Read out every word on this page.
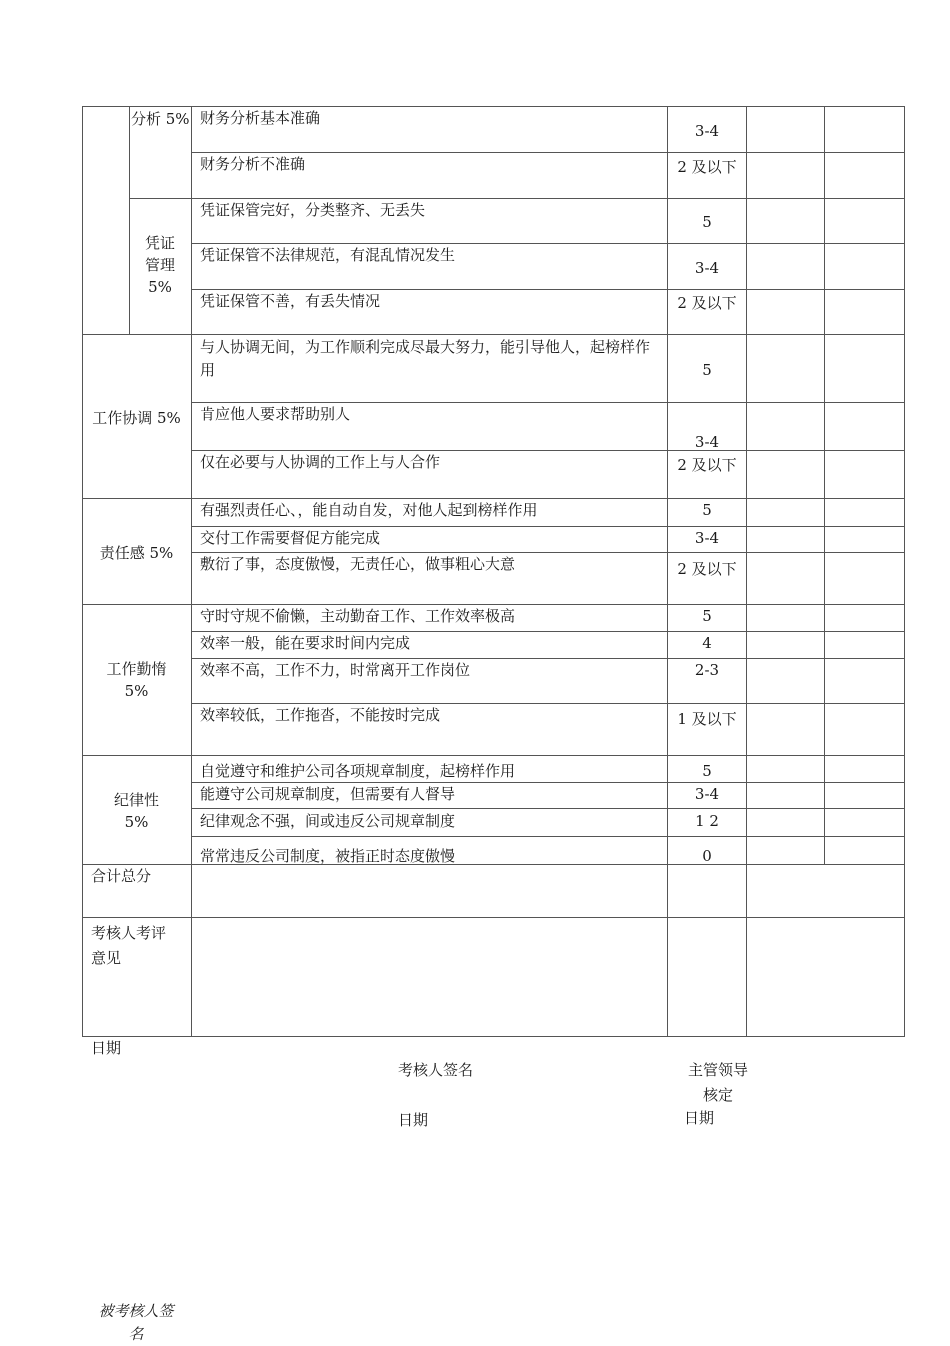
分析 5%
凭证
管理
5%
工作协调 5%
责任感 5%
工作勤惰
5%
纪律性
5%
合计总分
考核人考评
意见
财务分析基本准确
财务分析不准确
凭证保管完好，分类整齐、无丢失
凭证保管不法律规范，有混乱情况发生
凭证保管不善，有丢失情况
与人协调无间，为工作顺利完成尽最大努力，能引导他人，起榜样作用
肯应他人要求帮助别人
仅在必要与人协调的工作上与人合作
有强烈责任心、，能自动自发，对他人起到榜样作用
交付工作需要督促方能完成
敷衍了事，态度傲慢，无责任心，做事粗心大意
守时守规不偷懒，主动勤奋工作、工作效率极高
效率一般，能在要求时间内完成
效率不高，工作不力，时常离开工作岗位
效率较低，工作拖沓，不能按时完成
自觉遵守和维护公司各项规章制度，起榜样作用
能遵守公司规章制度，但需要有人督导
纪律观念不强，间或违反公司规章制度
常常违反公司制度，被指正时态度傲慢
3-4
2 及以下
5
3-4
2 及以下
5
3-4
2 及以下
5
3-4
2 及以下
5
4
2-3
1 及以下
5
3-4
1 2
0
日期
考核人签名
日期
主管领导
核定
日期
被考核人签
名
